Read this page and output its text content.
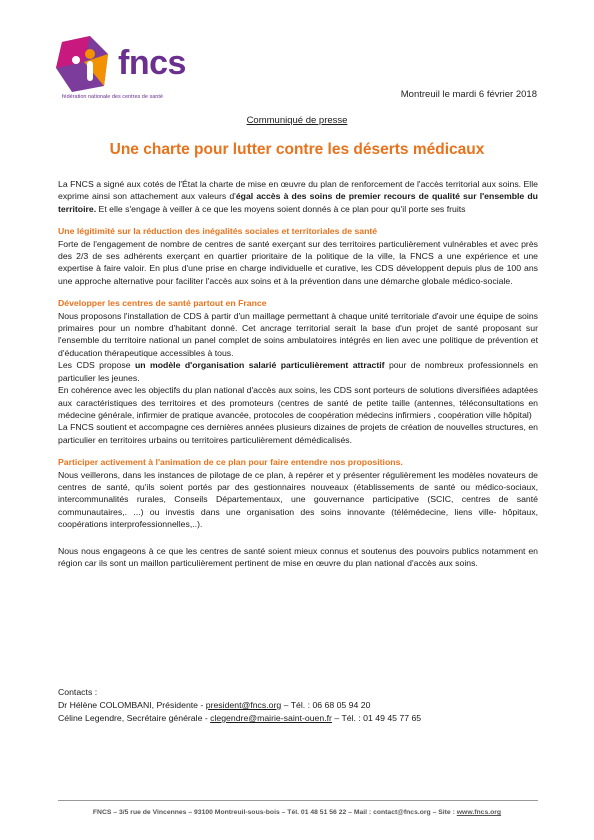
fncs
fédération nationale des centres de santé	Montreuil le mardi 6 février 2018
Communiqué de presse
Une charte pour lutter contre les déserts médicaux

La FNCS a signé aux cotés de l'État la charte de mise en œuvre du plan de renforcement de l'accès territorial aux soins. Elle exprime ainsi son attachement aux valeurs d'égal accès à des soins de premier recours de qualité sur l'ensemble du territoire. Et elle s'engage à veiller à ce que les moyens soient donnés à ce plan pour qu'il porte ses fruits

Une légitimité sur la réduction des inégalités sociales et territoriales de santé

Forte de l'engagement de nombre de centres de santé exerçant sur des territoires particulièrement vulnérables et avec près des 2/3 de ses adhérents exerçant en quartier prioritaire de la politique de la ville, la FNCS a une expérience et une expertise à faire valoir. En plus d'une prise en charge individuelle et curative, les CDS développent depuis plus de 100 ans une approche alternative pour faciliter l'accès aux soins et à la prévention dans une démarche globale médico-sociale.

Développer les centres de santé partout en France

Nous proposons l'installation de CDS à partir d'un maillage permettant à chaque unité territoriale d'avoir une équipe de soins primaires pour un nombre d'habitant donné. Cet ancrage territorial serait la base d'un projet de santé proposant sur l'ensemble du territoire national un panel complet de soins ambulatoires intégrés en lien avec une politique de prévention et d'éducation thérapeutique accessibles à tous.

Les CDS propose un modèle d'organisation salarié particulièrement attractif pour de nombreux professionnels en particulier les jeunes.

En cohérence avec les objectifs du plan national d'accès aux soins, les CDS sont porteurs de solutions diversifiées adaptées aux caractéristiques des territoires et des promoteurs (centres de santé de petite taille (antennes, téléconsultations en médecine générale, infirmier de pratique avancée, protocoles de coopération médecins infirmiers , coopération ville hôpital)

La FNCS soutient et accompagne ces dernières années plusieurs dizaines de projets de création de nouvelles structures, en particulier en territoires urbains ou territoires particulièrement démédicalisés.

Participer activement à l'animation de ce plan pour faire entendre nos propositions.

Nous veillerons, dans les instances de pilotage de ce plan, à repérer et y présenter régulièrement les modèles novateurs de centres de santé, qu'ils soient portés par des gestionnaires nouveaux (établissements de santé ou médico-sociaux, intercommunalités rurales, Conseils Départementaux, une gouvernance participative (SCIC, centres de santé communautaires,. ...) ou investis dans une organisation des soins innovante (télémédecine, liens ville- hôpitaux, coopérations interprofessionnelles,..).

Nous nous engageons à ce que les centres de santé soient mieux connus et soutenus des pouvoirs publics notamment en région car ils sont un maillon particulièrement pertinent de mise en œuvre du plan national d'accès aux soins.

Contacts :
Dr Hélène COLOMBANI, Présidente - president@fncs.org – Tél. : 06 68 05 94 20
Céline Legendre, Secrétaire générale - clegendre@mairie-saint-ouen.fr – Tél. : 01 49 45 77 65
FNCS – 3/5 rue de Vincennes – 93100 Montreuil-sous-bois – Tél. 01 48 51 56 22 – Mail : contact@fncs.org – Site : www.fncs.org
